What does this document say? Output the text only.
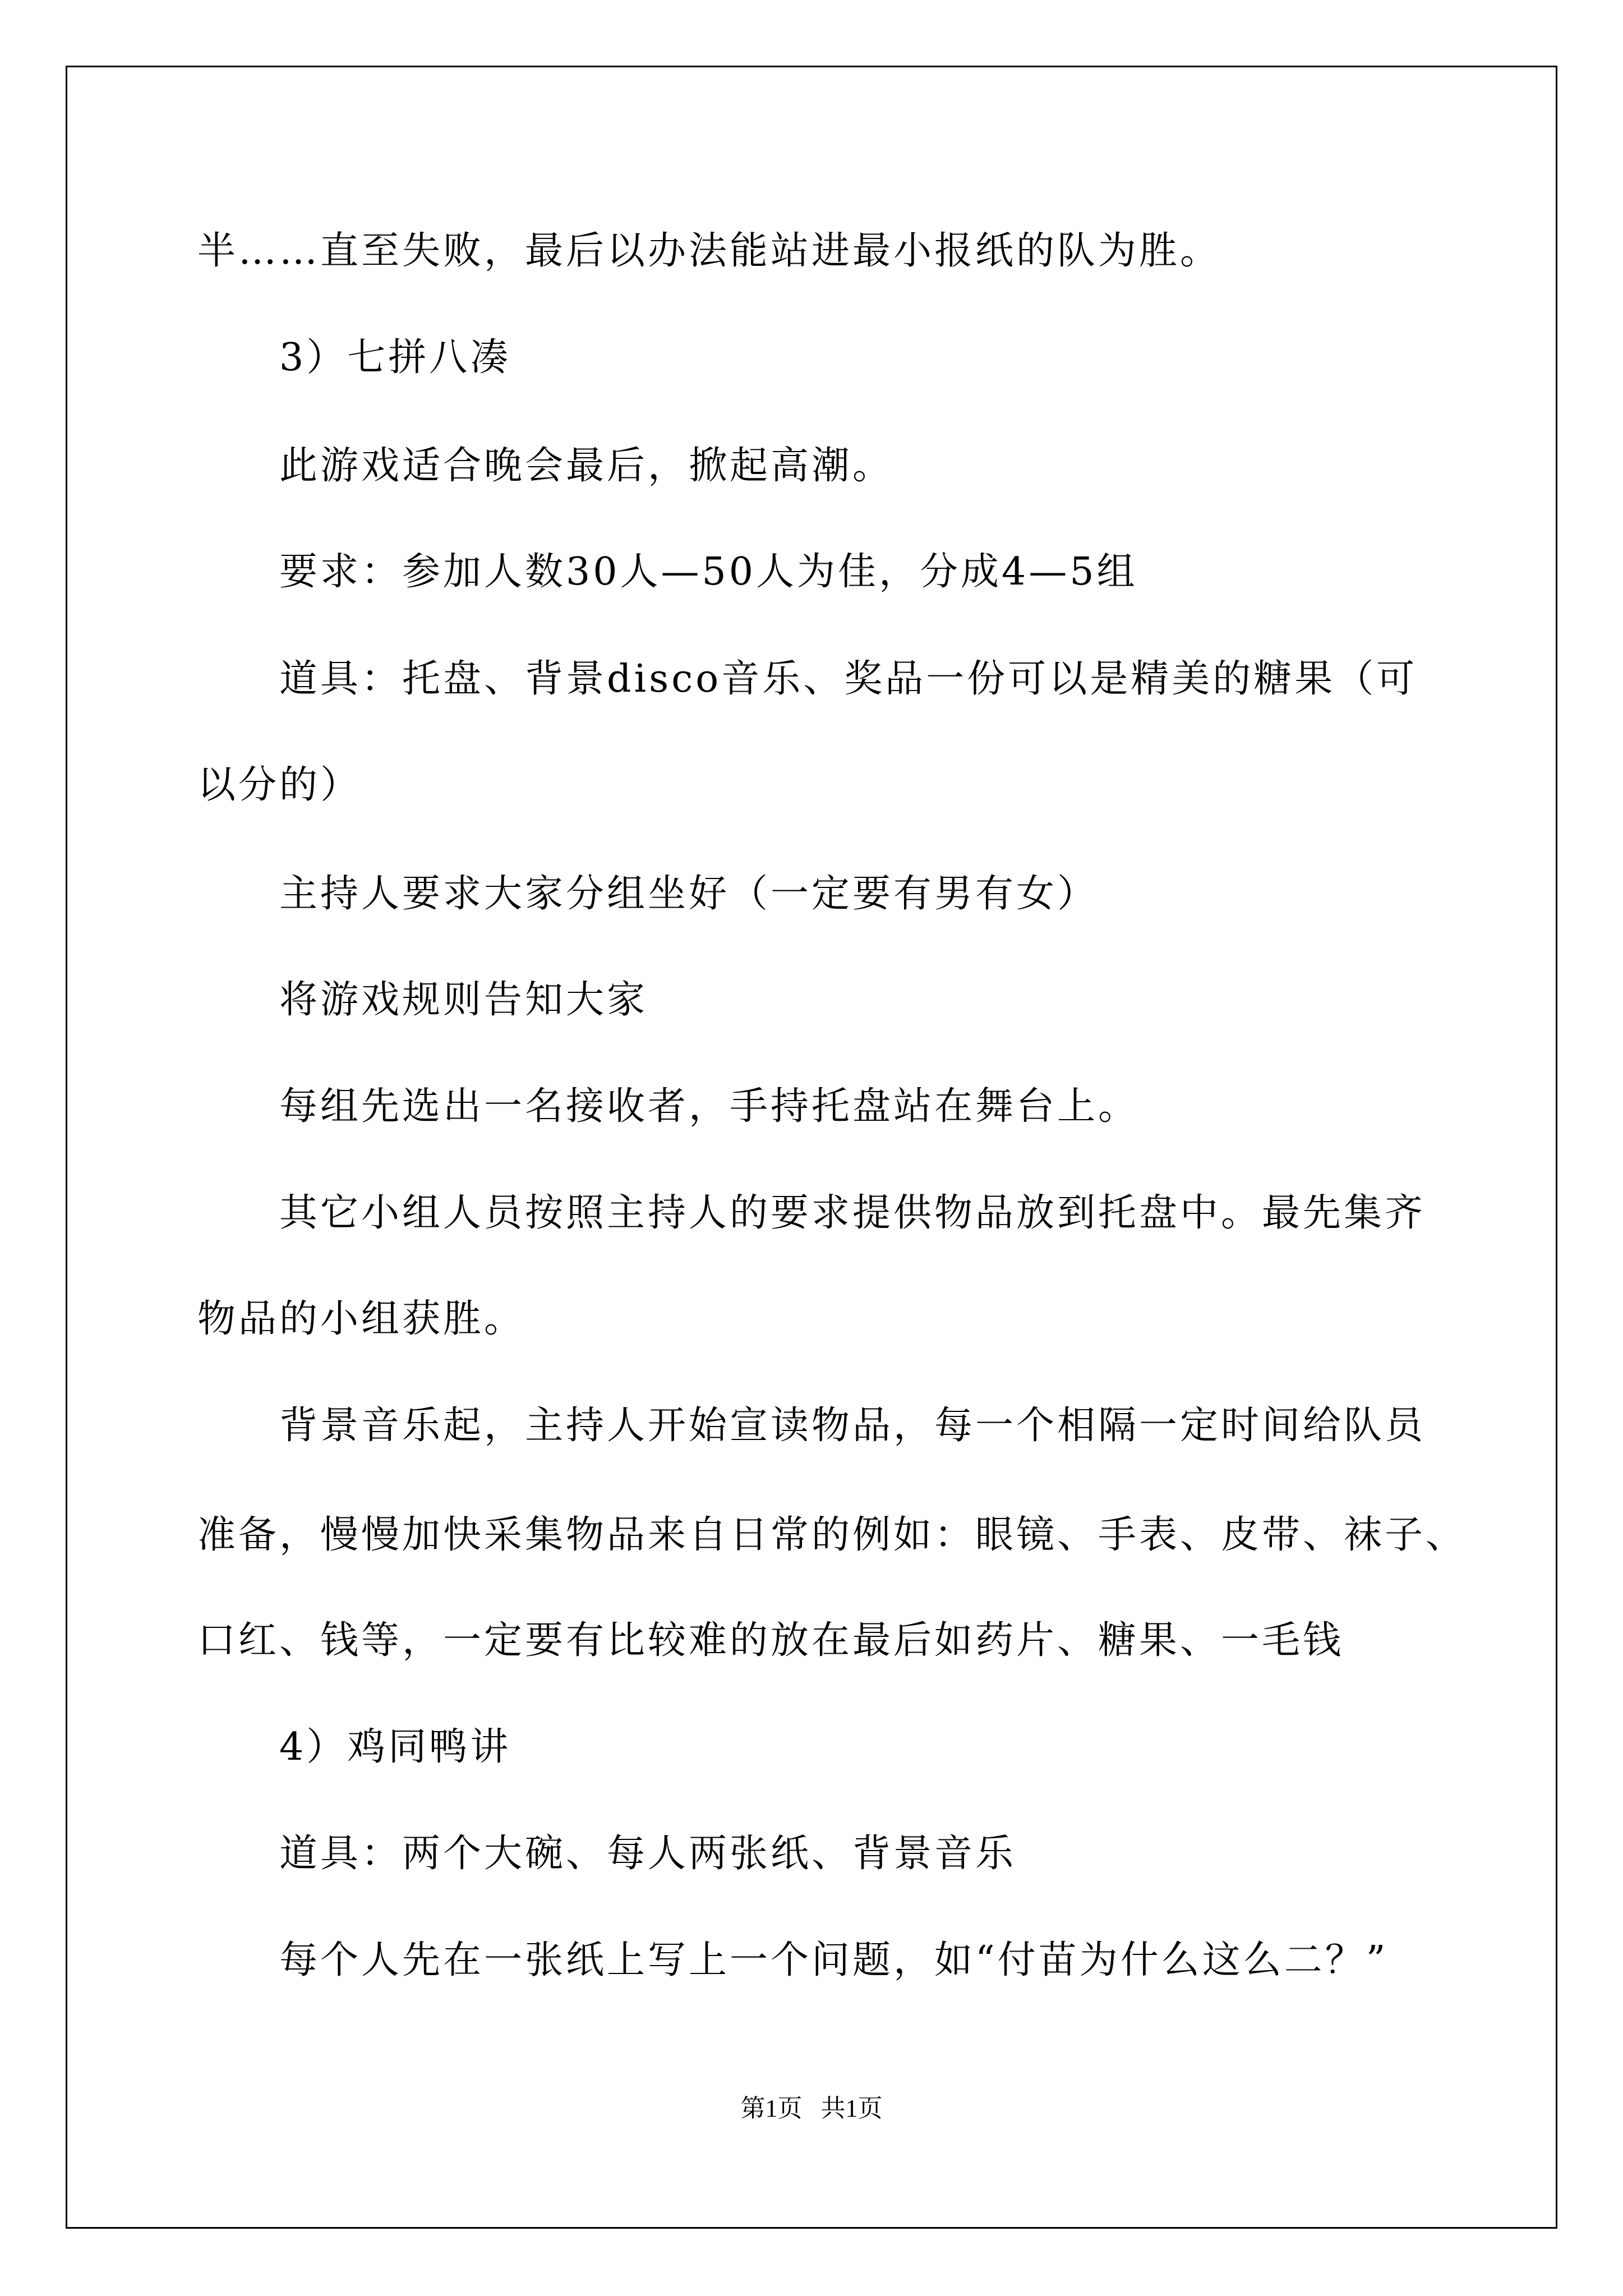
半……直至失败，最后以办法能站进最小报纸的队为胜。
3）七拼八凑
此游戏适合晚会最后，掀起高潮。
要求：参加人数30人—50人为佳，分成4—5组
道具：托盘、背景disco音乐、奖品一份可以是精美的糖果（可
以分的）
主持人要求大家分组坐好（一定要有男有女）
将游戏规则告知大家
每组先选出一名接收者，手持托盘站在舞台上。
其它小组人员按照主持人的要求提供物品放到托盘中。最先集齐
物品的小组获胜。
背景音乐起，主持人开始宣读物品，每一个相隔一定时间给队员
准备，慢慢加快采集物品来自日常的例如：眼镜、手表、皮带、袜子、
口红、钱等，一定要有比较难的放在最后如药片、糖果、一毛钱
4）鸡同鸭讲
道具：两个大碗、每人两张纸、背景音乐
每个人先在一张纸上写上一个问题，如“付苗为什么这么二？”
第1页   共1页
